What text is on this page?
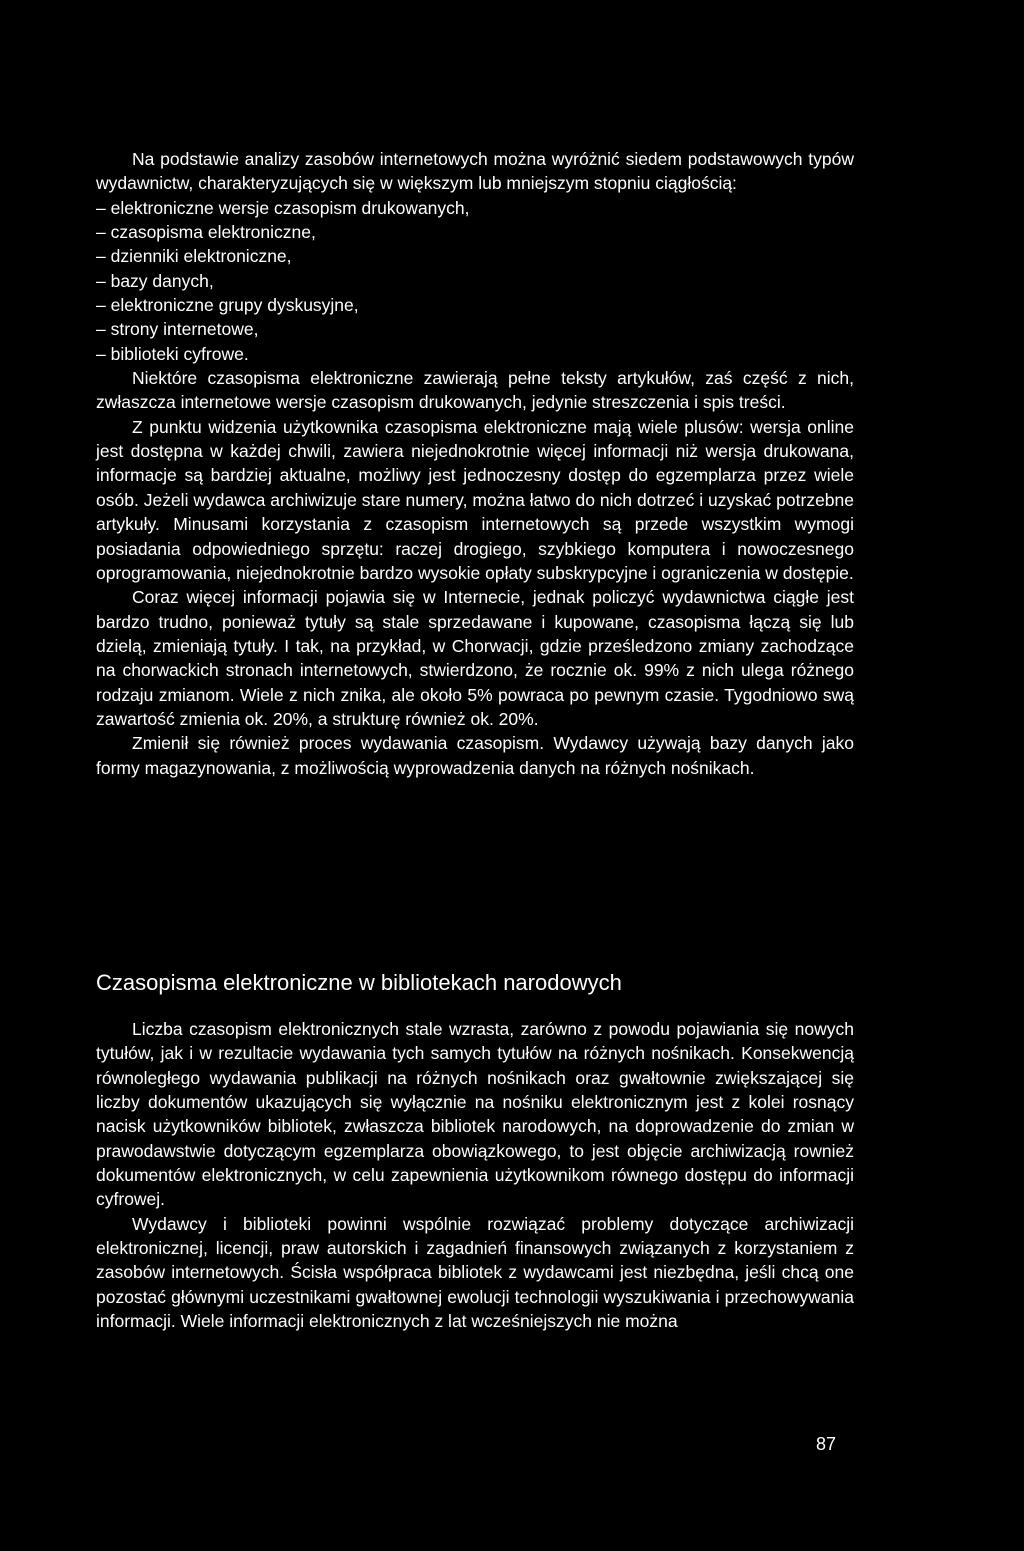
Na podstawie analizy zasobów internetowych można wyróżnić siedem podstawowych typów wydawnictw, charakteryzujących się w większym lub mniejszym stopniu ciągłością:

– elektroniczne wersje czasopism drukowanych,
– czasopisma elektroniczne,
– dzienniki elektroniczne,
– bazy danych,
– elektroniczne grupy dyskusyjne,
– strony internetowe,
– biblioteki cyfrowe.

Niektóre czasopisma elektroniczne zawierają pełne teksty artykułów, zaś część z nich, zwłaszcza internetowe wersje czasopism drukowanych, jedynie streszczenia i spis treści.

Z punktu widzenia użytkownika czasopisma elektroniczne mają wiele plusów: wersja online jest dostępna w każdej chwili, zawiera niejednokrotnie więcej informacji niż wersja drukowana, informacje są bardziej aktualne, możliwy jest jednoczesny dostęp do egzemplarza przez wiele osób. Jeżeli wydawca archiwizuje stare numery, można łatwo do nich dotrzeć i uzyskać potrzebne artykuły. Minusami korzystania z czasopism internetowych są przede wszystkim wymogi posiadania odpowiedniego sprzętu: raczej drogiego, szybkiego komputera i nowoczesnego oprogramowania, niejednokrotnie bardzo wysokie opłaty subskrypcyjne i ograniczenia w dostępie.

Coraz więcej informacji pojawia się w Internecie, jednak policzyć wydawnictwa ciągłe jest bardzo trudno, ponieważ tytuły są stale sprzedawane i kupowane, czasopisma łączą się lub dzielą, zmieniają tytuły. I tak, na przykład, w Chorwacji, gdzie prześledzono zmiany zachodzące na chorwackich stronach internetowych, stwierdzono, że rocznie ok. 99% z nich ulega różnego rodzaju zmianom. Wiele z nich znika, ale około 5% powraca po pewnym czasie. Tygodniowo swą zawartość zmienia ok. 20%, a strukturę również ok. 20%.

Zmienił się również proces wydawania czasopism. Wydawcy używają bazy danych jako formy magazynowania, z możliwością wyprowadzenia danych na różnych nośnikach.

Czasopisma elektroniczne w bibliotekach narodowych

Liczba czasopism elektronicznych stale wzrasta, zarówno z powodu pojawiania się nowych tytułów, jak i w rezultacie wydawania tych samych tytułów na różnych nośnikach. Konsekwencją równoległego wydawania publikacji na różnych nośnikach oraz gwałtownie zwiększającej się liczby dokumentów ukazujących się wyłącznie na nośniku elektronicznym jest z kolei rosnący nacisk użytkowników bibliotek, zwłaszcza bibliotek narodowych, na doprowadzenie do zmian w prawodawstwie dotyczącym egzemplarza obowiązkowego, to jest objęcie archiwizacją rownież dokumentów elektronicznych, w celu zapewnienia użytkownikom równego dostępu do informacji cyfrowej.

Wydawcy i biblioteki powinni wspólnie rozwiązać problemy dotyczące archiwizacji elektronicznej, licencji, praw autorskich i zagadnień finansowych związanych z korzystaniem z zasobów internetowych. Ścisła współpraca bibliotek z wydawcami jest niezbędna, jeśli chcą one pozostać głównymi uczestnikami gwałtownej ewolucji technologii wyszukiwania i przechowywania informacji. Wiele informacji elektronicznych z lat wcześniejszych nie można

87
